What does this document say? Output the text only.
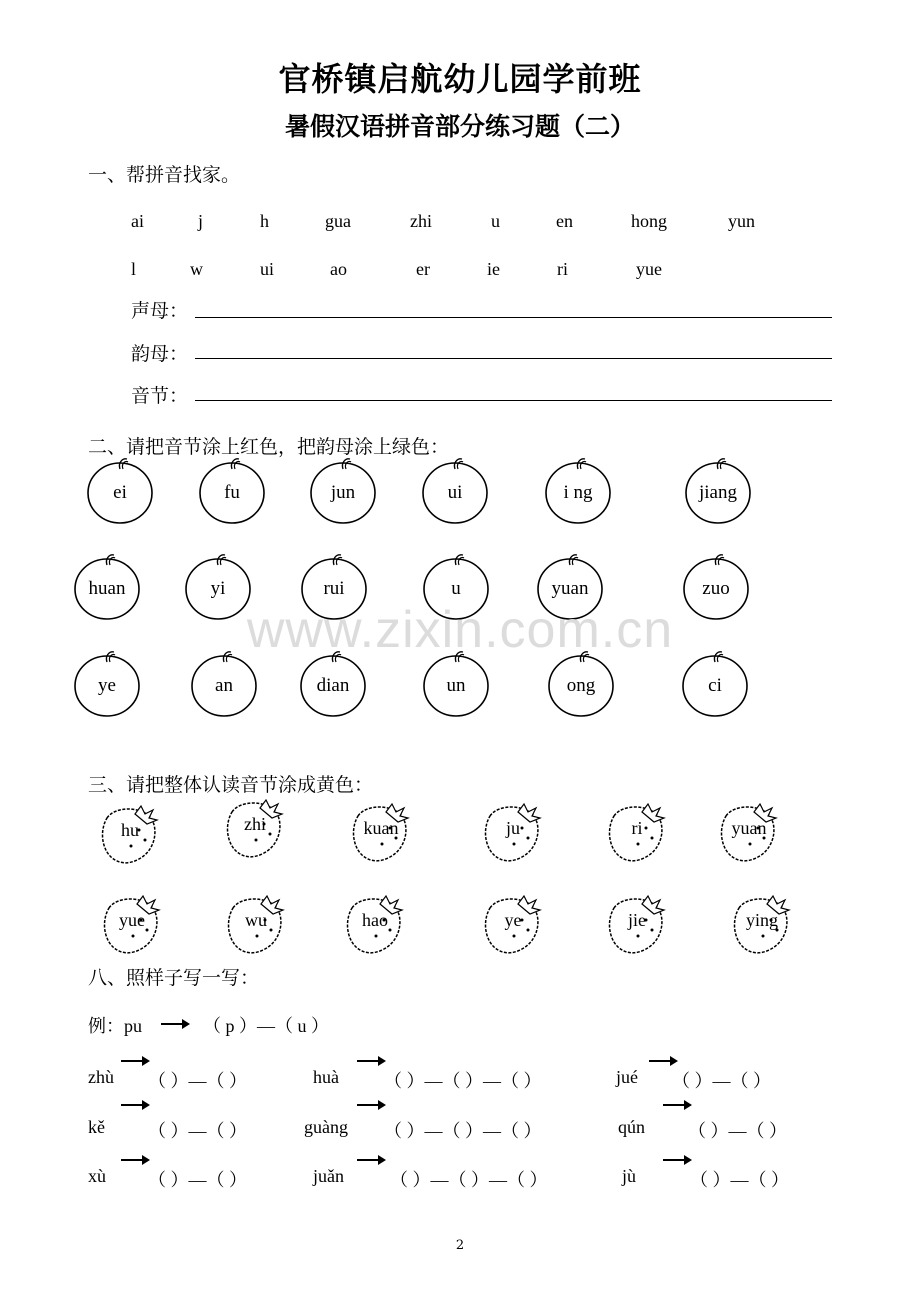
官桥镇启航幼儿园学前班
暑假汉语拼音部分练习题（二）
一、帮拼音找家。
ai	j	h	gua	zhi	u	en	hong	yun
l	w	ui	ao	er	ie	ri	yue
声母：
韵母：
音节：
二、请把音节涂上红色，把韵母涂上绿色：
ei	fu	jun	ui	i ng	jiang
huan	yi	rui	u	yuan	zuo
ye	an	dian	un	ong	ci
www.zixin.com.cn
三、请把整体认读音节涂成黄色：
hu	zhi	kuan	ju	ri	yuan
yue	wu	hao	ye	jie	ying
八、照样子写一写：
例：pu	（ p ）—（ u ）
zhù （ ）—（ ）	huà	（ ）—（ ）—（ ）	jué （ ）—（ ）
kě （ ）—（ ）	guàng （ ）—（ ）—（ ）	qún （ ）—（ ）
xù （ ）—（ ）	juǎn	（ ）—（ ）—（ ）	jù	（ ）—（ ）
2
